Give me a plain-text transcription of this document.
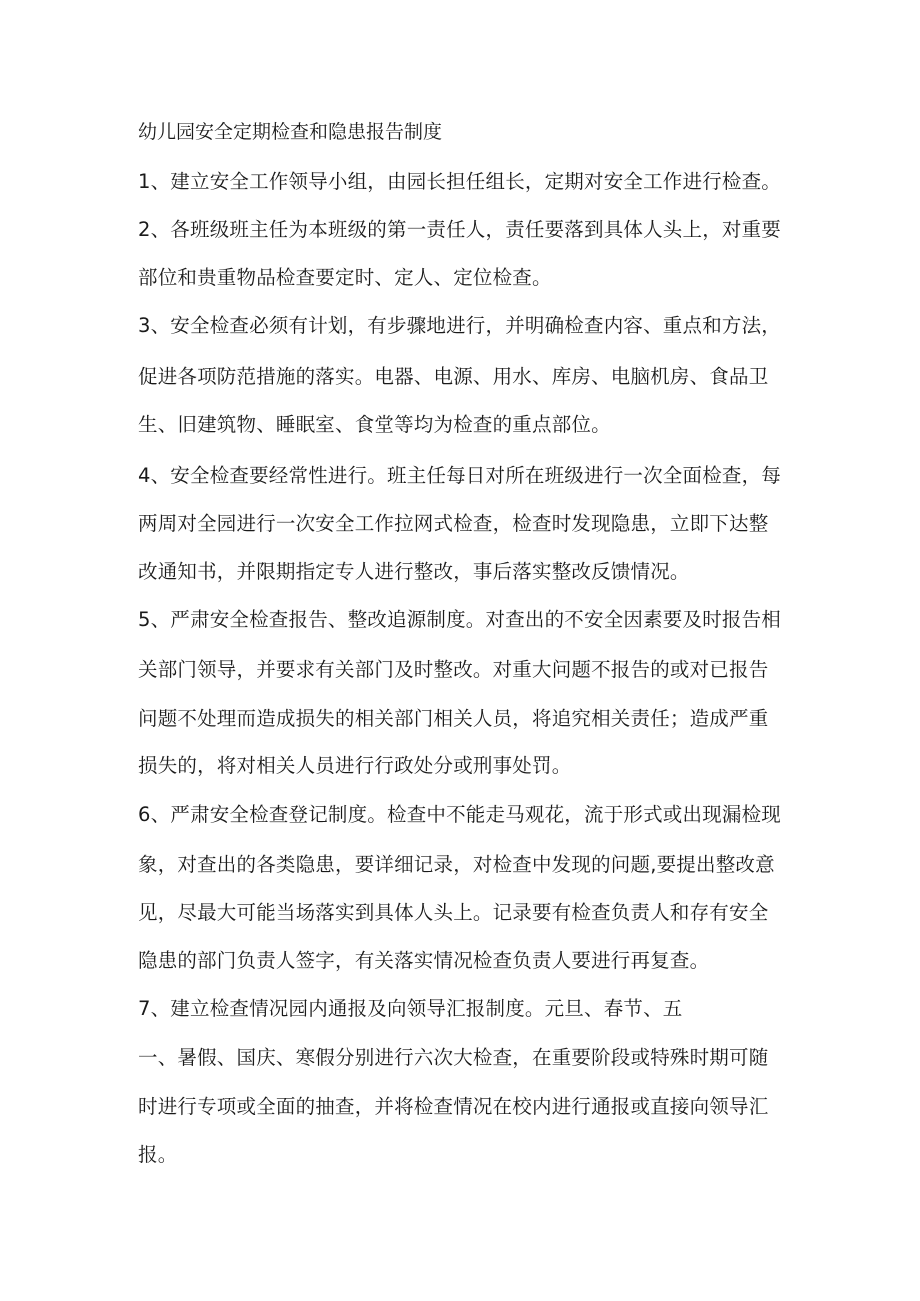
幼儿园安全定期检查和隐患报告制度
1、建立安全工作领导小组，由园长担任组长，定期对安全工作进行检查。
2、各班级班主任为本班级的第一责任人，责任要落到具体人头上，对重要
部位和贵重物品检查要定时、定人、定位检查。
3、安全检查必须有计划，有步骤地进行，并明确检查内容、重点和方法，
促进各项防范措施的落实。电器、电源、用水、库房、电脑机房、食品卫
生、旧建筑物、睡眠室、食堂等均为检查的重点部位。
4、安全检查要经常性进行。班主任每日对所在班级进行一次全面检查，每
两周对全园进行一次安全工作拉网式检查，检查时发现隐患，立即下达整
改通知书，并限期指定专人进行整改，事后落实整改反馈情况。
5、严肃安全检查报告、整改追源制度。对查出的不安全因素要及时报告相
关部门领导，并要求有关部门及时整改。对重大问题不报告的或对已报告
问题不处理而造成损失的相关部门相关人员，将追究相关责任；造成严重
损失的，将对相关人员进行行政处分或刑事处罚。
6、严肃安全检查登记制度。检查中不能走马观花，流于形式或出现漏检现
象，对查出的各类隐患，要详细记录，对检查中发现的问题,要提出整改意
见，尽最大可能当场落实到具体人头上。记录要有检查负责人和存有安全
隐患的部门负责人签字，有关落实情况检查负责人要进行再复查。
7、建立检查情况园内通报及向领导汇报制度。元旦、春节、五
一、暑假、国庆、寒假分别进行六次大检查，在重要阶段或特殊时期可随
时进行专项或全面的抽查，并将检查情况在校内进行通报或直接向领导汇
报。
